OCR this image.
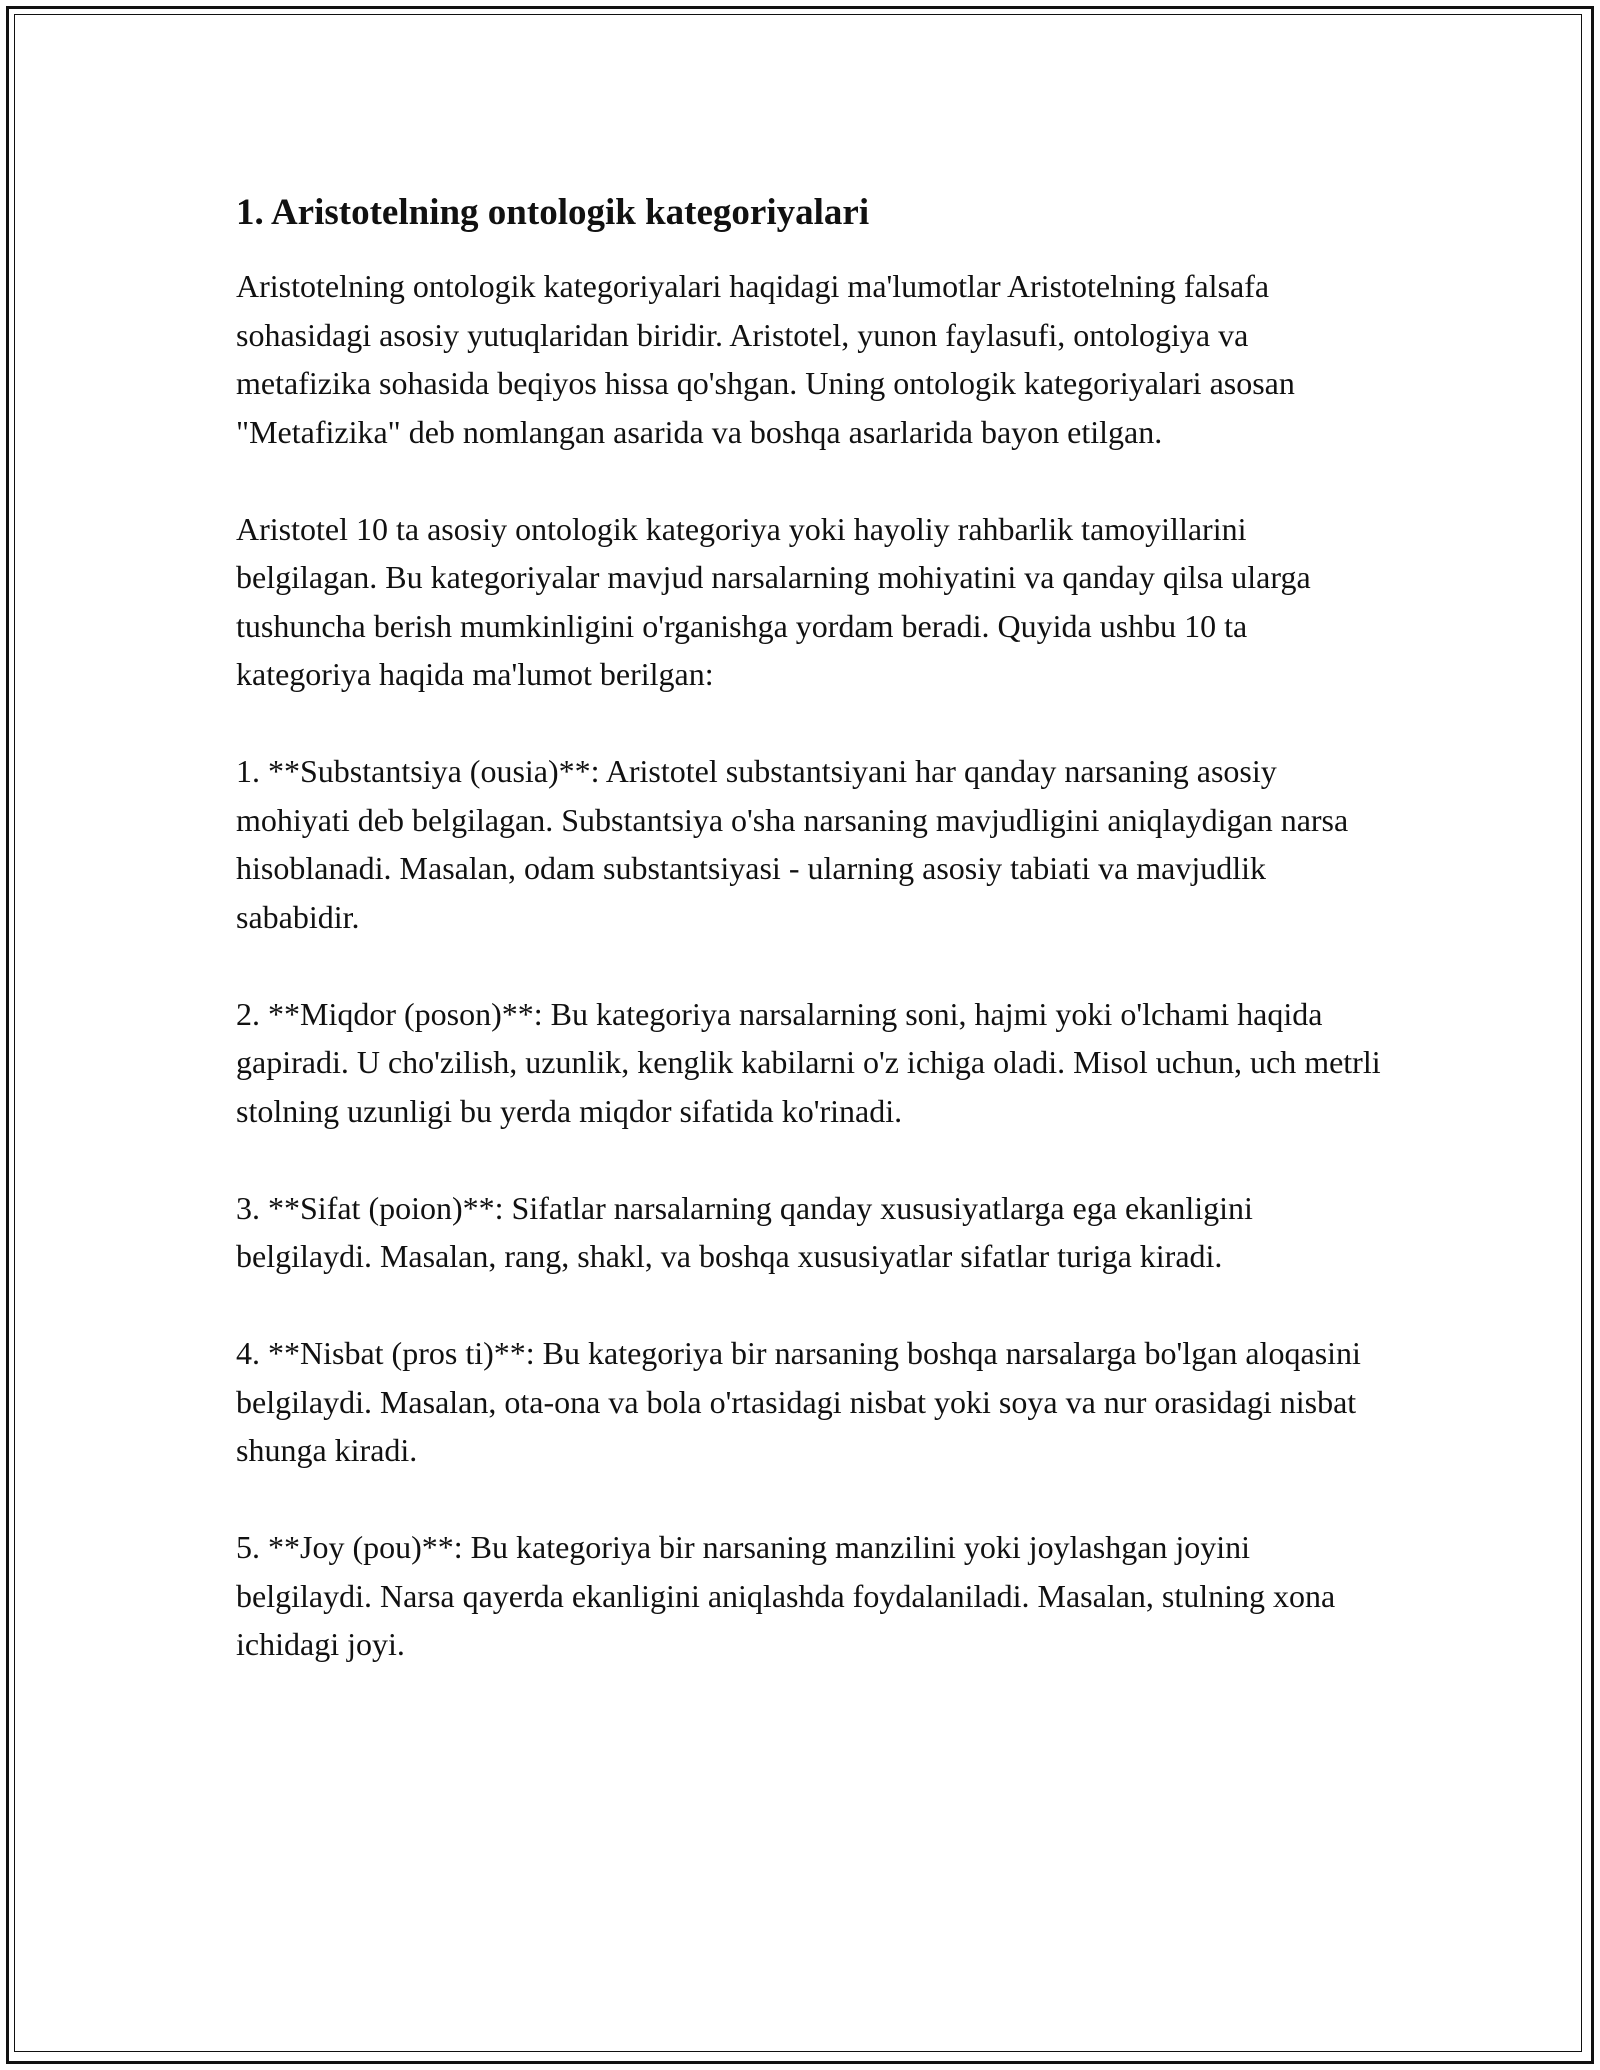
1. Aristotelning ontologik kategoriyalari

Aristotelning ontologik kategoriyalari haqidagi ma'lumotlar Aristotelning falsafa sohasidagi asosiy yutuqlaridan biridir. Aristotel, yunon faylasufi, ontologiya va metafizika sohasida beqiyos hissa qo'shgan. Uning ontologik kategoriyalari asosan "Metafizika" deb nomlangan asarida va boshqa asarlarida bayon etilgan.

Aristotel 10 ta asosiy ontologik kategoriya yoki hayoliy rahbarlik tamoyillarini belgilagan. Bu kategoriyalar mavjud narsalarning mohiyatini va qanday qilsa ularga tushuncha berish mumkinligini o'rganishga yordam beradi. Quyida ushbu 10 ta kategoriya haqida ma'lumot berilgan:

1. **Substantsiya (ousia)**: Aristotel substantsiyani har qanday narsaning asosiy mohiyati deb belgilagan. Substantsiya o'sha narsaning mavjudligini aniqlaydigan narsa hisoblanadi. Masalan, odam substantsiyasi - ularning asosiy tabiati va mavjudlik sababidir.

2. **Miqdor (poson)**: Bu kategoriya narsalarning soni, hajmi yoki o'lchami haqida gapiradi. U cho'zilish, uzunlik, kenglik kabilarni o'z ichiga oladi. Misol uchun, uch metrli stolning uzunligi bu yerda miqdor sifatida ko'rinadi.

3. **Sifat (poion)**: Sifatlar narsalarning qanday xususiyatlarga ega ekanligini belgilaydi. Masalan, rang, shakl, va boshqa xususiyatlar sifatlar turiga kiradi.

4. **Nisbat (pros ti)**: Bu kategoriya bir narsaning boshqa narsalarga bo'lgan aloqasini belgilaydi. Masalan, ota-ona va bola o'rtasidagi nisbat yoki soya va nur orasidagi nisbat shunga kiradi.

5. **Joy (pou)**: Bu kategoriya bir narsaning manzilini yoki joylashgan joyini belgilaydi. Narsa qayerda ekanligini aniqlashda foydalaniladi. Masalan, stulning xona ichidagi joyi.
